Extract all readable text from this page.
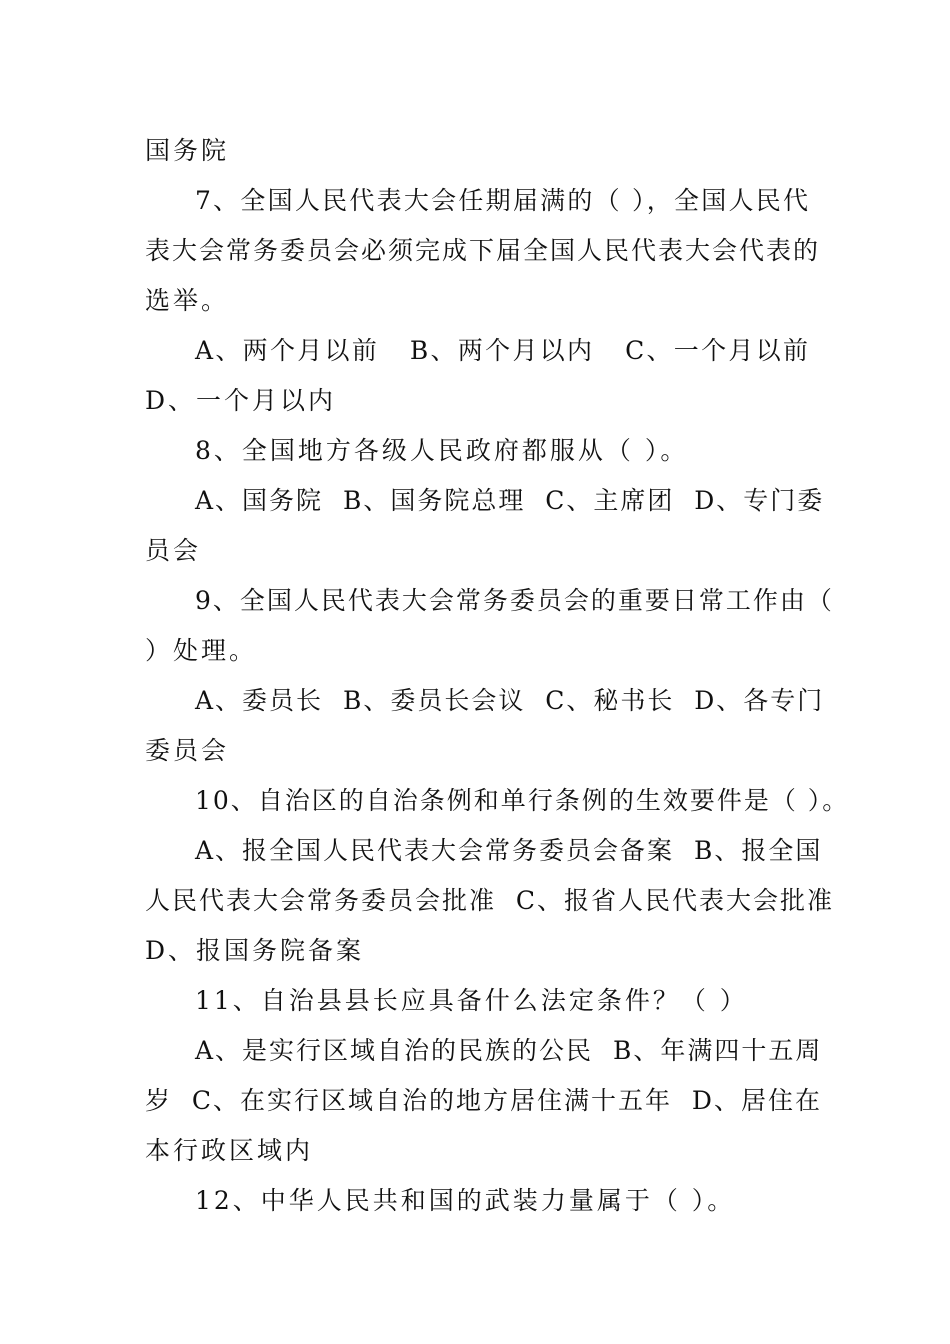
国务院
7、全国人民代表大会任期届满的（ ），全国人民代
表大会常务委员会必须完成下届全国人民代表大会代表的
选举。
A、两个月以前   B、两个月以内   C、一个月以前
D、一个月以内
8、全国地方各级人民政府都服从（ ）。
A、国务院  B、国务院总理  C、主席团  D、专门委
员会
9、全国人民代表大会常务委员会的重要日常工作由（
）处理。
A、委员长  B、委员长会议  C、秘书长  D、各专门
委员会
10、自治区的自治条例和单行条例的生效要件是（ ）。
A、报全国人民代表大会常务委员会备案  B、报全国
人民代表大会常务委员会批准  C、报省人民代表大会批准
D、报国务院备案
11、自治县县长应具备什么法定条件？（ ）
A、是实行区域自治的民族的公民  B、年满四十五周
岁  C、在实行区域自治的地方居住满十五年  D、居住在
本行政区域内
12、中华人民共和国的武装力量属于（ ）。
